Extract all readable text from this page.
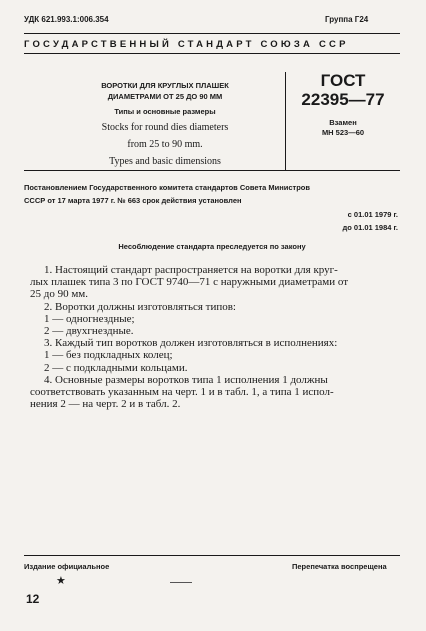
УДК 621.993.1:006.354	Группа Г24
ГОСУДАРСТВЕННЫЙ СТАНДАРТ СОЮЗА ССР
ВОРОТКИ ДЛЯ КРУГЛЫХ ПЛАШЕК
ДИАМЕТРАМИ ОТ 25 ДО 90 ММ
Типы и основные размеры
Stocks for round dies diameters
from 25 to 90 mm.
Types and basic dimensions
ГОСТ
22395—77
Взамен
МН 523—60
Постановлением Государственного комитета стандартов Совета Министров
СССР от 17 марта 1977 г. № 663 срок действия установлен
с 01.01 1979 г.
до 01.01 1984 г.
Несоблюдение стандарта преследуется по закону

1. Настоящий стандарт распространяется на воротки для круг-

лых плашек типа 3 по ГОСТ 9740—71 с наружными диаметрами от

25 до 90 мм.

2. Воротки должны изготовляться типов:

1 — одногнездные;

2 — двухгнездные.

3. Каждый тип воротков должен изготовляться в исполнениях:

1 — без подкладных колец;

2 — с подкладными кольцами.

4. Основные размеры воротков типа 1 исполнения 1 должны

соответствовать указанным на черт. 1 и в табл. 1, а типа 1 испол-

нения 2 — на черт. 2 и в табл. 2.

Издание официальное	Перепечатка воспрещена
★
12
